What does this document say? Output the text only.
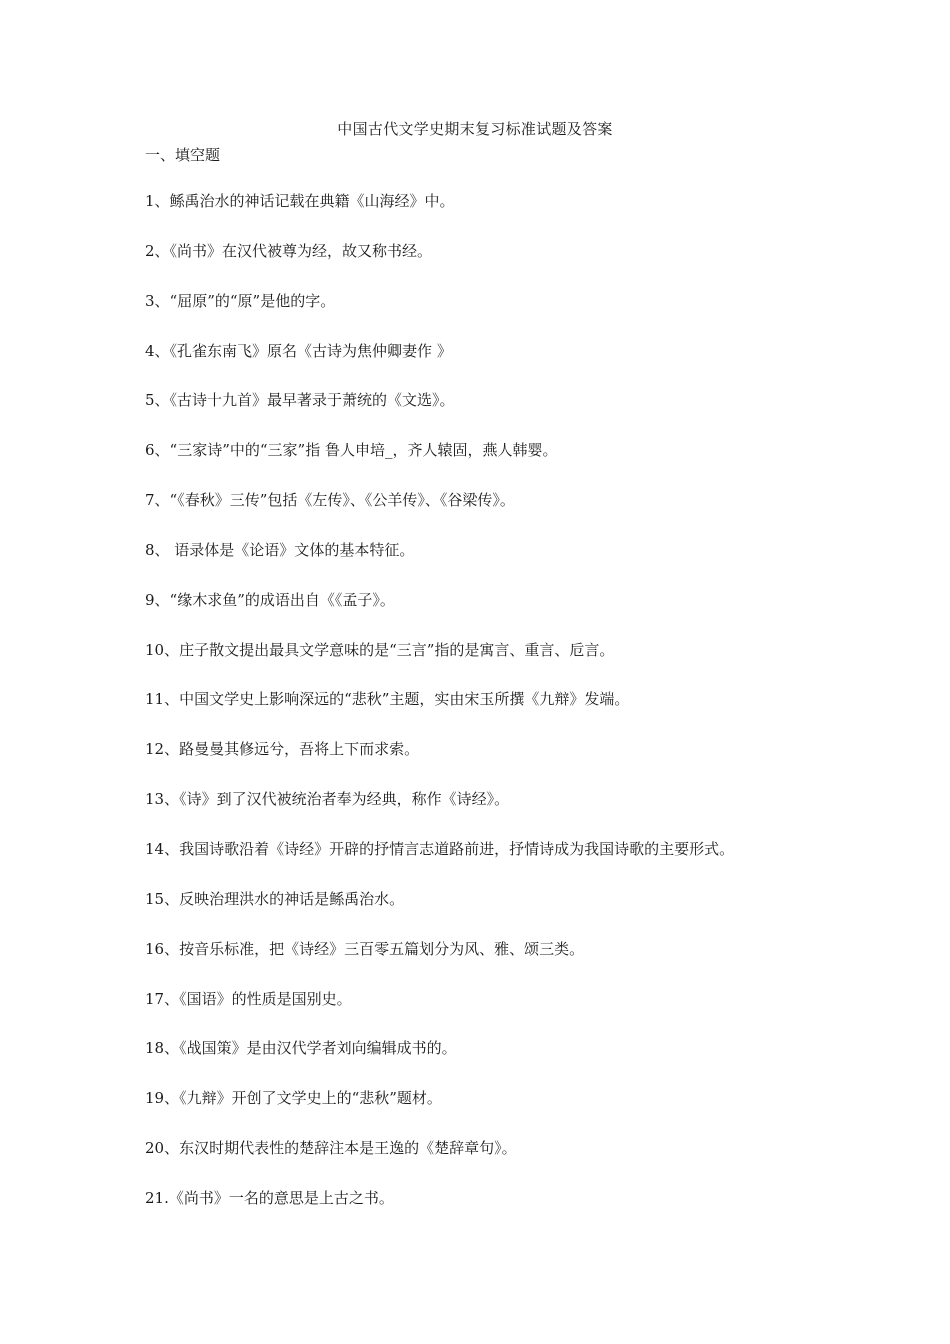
中国古代文学史期末复习标准试题及答案
一、填空题
1、鲧禹治水的神话记载在典籍《山海经》中。
2、《尚书》在汉代被尊为经，故又称书经。
3、“屈原”的“原”是他的字。
4、《孔雀东南飞》原名《古诗为焦仲卿妻作 》
5、《古诗十九首》最早著录于萧统的《文选》。
6、“三家诗”中的“三家”指 鲁人申培_，齐人辕固，燕人韩婴。
7、“《春秋》三传”包括《左传》、《公羊传》、《谷梁传》。
8、 语录体是《论语》文体的基本特征。
9、“缘木求鱼”的成语出自《《孟子》。
10、庄子散文提出最具文学意味的是“三言”指的是寓言、重言、卮言。
11、中国文学史上影响深远的“悲秋”主题，实由宋玉所撰《九辩》发端。
12、路曼曼其修远兮，吾将上下而求索。
13、《诗》到了汉代被统治者奉为经典，称作《诗经》。
14、我国诗歌沿着《诗经》开辟的抒情言志道路前进，抒情诗成为我国诗歌的主要形式。
15、反映治理洪水的神话是鲧禹治水。
16、按音乐标准，把《诗经》三百零五篇划分为风、雅、颂三类。
17、《国语》的性质是国别史。
18、《战国策》是由汉代学者刘向编辑成书的。
19、《九辩》开创了文学史上的“悲秋”题材。
20、东汉时期代表性的楚辞注本是王逸的《楚辞章句》。
21.《尚书》一名的意思是上古之书。
